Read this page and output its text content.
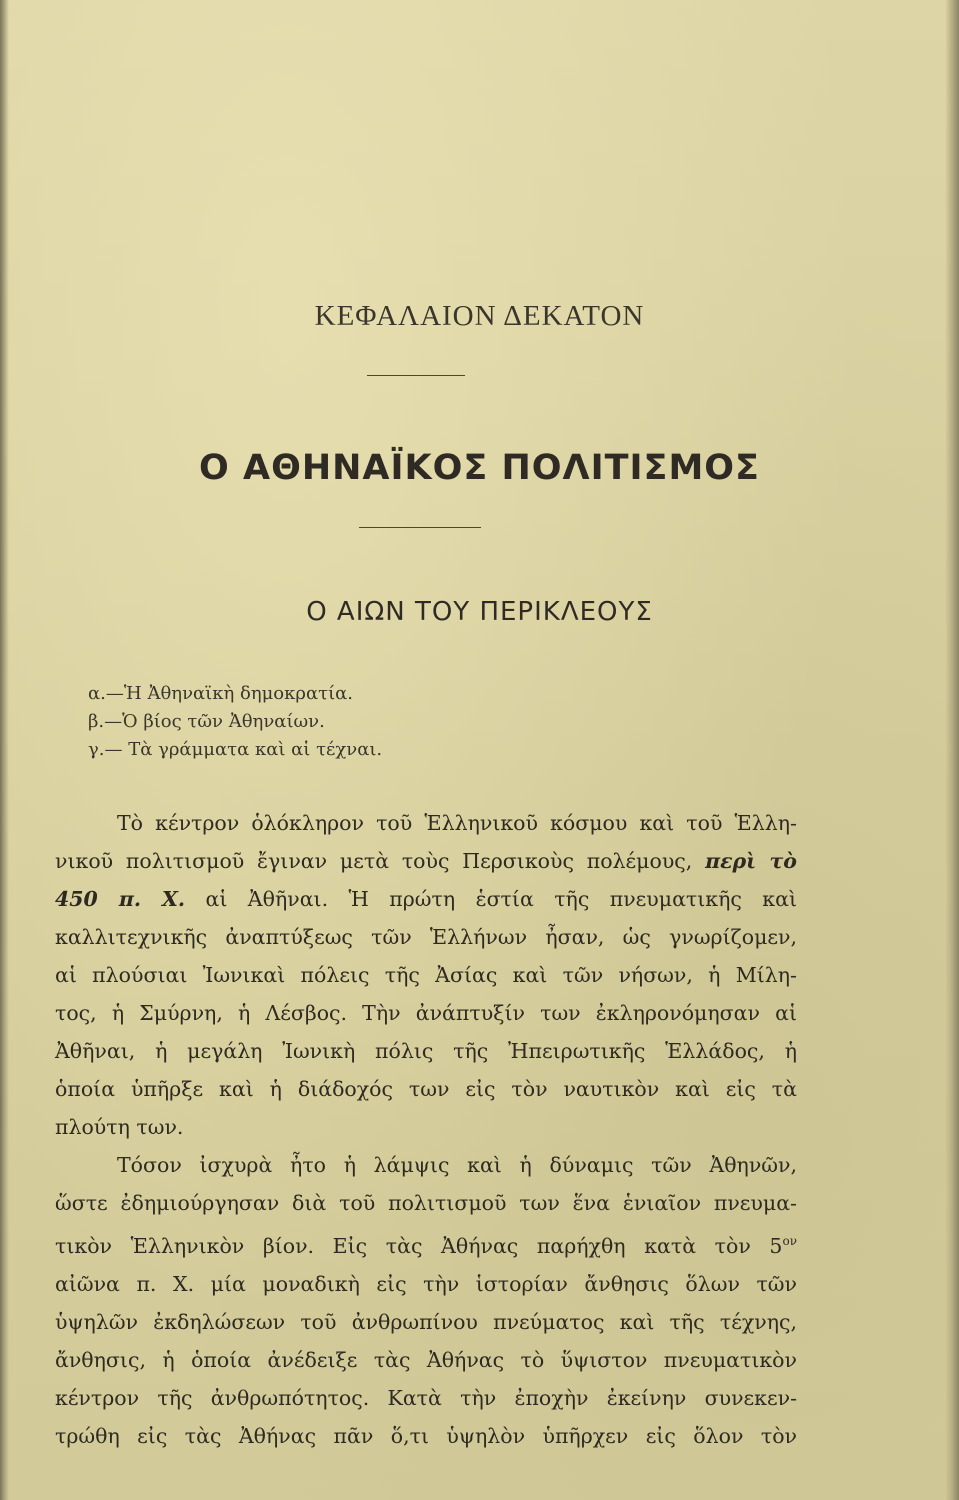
ΚΕΦΑΛΑΙΟΝ ΔΕΚΑΤΟΝ
Ο ΑΘΗΝΑΪΚΟΣ ΠΟΛΙΤΙΣΜΟΣ
Ο ΑΙΩΝ ΤΟΥ ΠΕΡΙΚΛΕΟΥΣ
α.—Ἡ Ἀθηναϊκὴ δημοκρατία.
β.—Ὁ βίος τῶν Ἀθηναίων.
γ.— Τὰ γράμματα καὶ αἱ τέχναι.
Τὸ κέντρον ὁλόκληρον τοῦ Ἑλληνικοῦ κόσμου καὶ τοῦ Ἑλλη-
νικοῦ πολιτισμοῦ ἔγιναν μετὰ τοὺς Περσικοὺς πολέμους, περὶ τὸ
450 π. Χ. αἱ Ἀθῆναι. Ἡ πρώτη ἑστία τῆς πνευματικῆς καὶ
καλλιτεχνικῆς ἀναπτύξεως τῶν Ἑλλήνων ἦσαν, ὡς γνωρίζομεν,
αἱ πλούσιαι Ἰωνικαὶ πόλεις τῆς Ἀσίας καὶ τῶν νήσων, ἡ Μίλη-
τος, ἡ Σμύρνη, ἡ Λέσβος. Τὴν ἀνάπτυξίν των ἐκληρονόμησαν αἱ
Ἀθῆναι, ἡ μεγάλη Ἰωνικὴ πόλις τῆς Ἠπειρωτικῆς Ἑλλάδος, ἡ
ὁποία ὑπῆρξε καὶ ἡ διάδοχός των εἰς τὸν ναυτικὸν καὶ εἰς τὰ
πλούτη των.
Τόσον ἰσχυρὰ ἦτο ἡ λάμψις καὶ ἡ δύναμις τῶν Ἀθηνῶν,
ὥστε ἐδημιούργησαν διὰ τοῦ πολιτισμοῦ των ἕνα ἑνιαῖον πνευμα-
τικὸν Ἑλληνικὸν βίον. Εἰς τὰς Ἀθήνας παρήχθη κατὰ τὸν $5^{o\nu}$
αἰῶνα π. Χ. μία μοναδικὴ εἰς τὴν ἱστορίαν ἄνθησις ὅλων τῶν
ὑψηλῶν ἐκδηλώσεων τοῦ ἀνθρωπίνου πνεύματος καὶ τῆς τέχνης,
ἄνθησις, ἡ ὁποία ἀνέδειξε τὰς Ἀθήνας τὸ ὕψιστον πνευματικὸν
κέντρον τῆς ἀνθρωπότητος. Κατὰ τὴν ἐποχὴν ἐκείνην συνεκεν-
τρώθη εἰς τὰς Ἀθήνας πᾶν ὅ,τι ὑψηλὸν ὑπῆρχεν εἰς ὅλον τὸν
